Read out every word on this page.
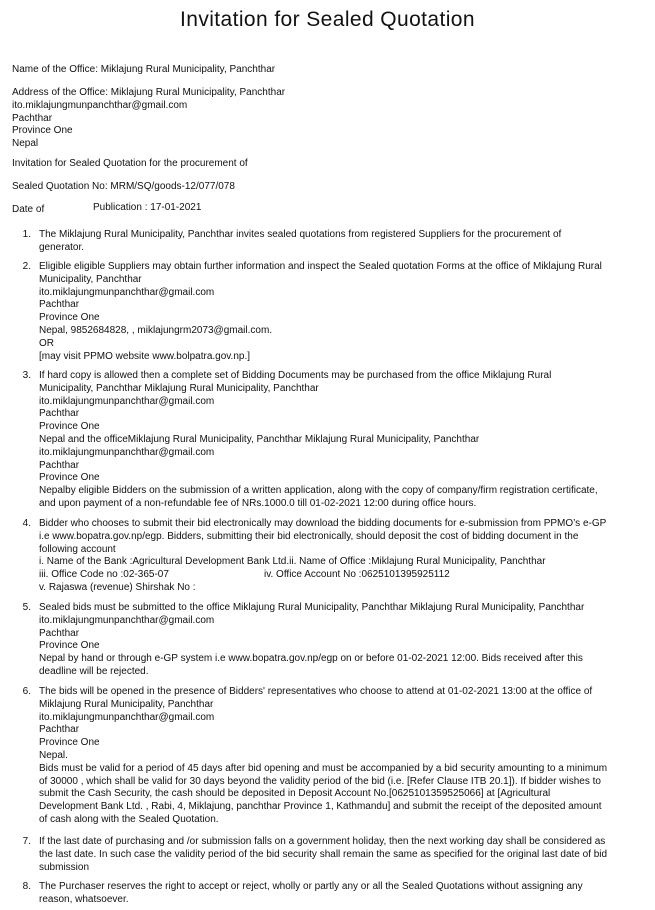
Invitation for Sealed Quotation
Name of the Office: Miklajung Rural Municipality, Panchthar
Address of the Office: Miklajung Rural Municipality, Panchthar
ito.miklajungmunpanchthar@gmail.com
Pachthar
Province One
Nepal
Invitation for Sealed Quotation for the procurement of
Sealed Quotation No: MRM/SQ/goods-12/077/078
Date of	Publication : 17-01-2021
1. The Miklajung Rural Municipality, Panchthar invites sealed quotations from registered Suppliers for the procurement of
generator.
2. Eligible eligible Suppliers may obtain further information and inspect the Sealed quotation Forms at the office of Miklajung Rural
Municipality, Panchthar
ito.miklajungmunpanchthar@gmail.com
Pachthar
Province One
Nepal, 9852684828, , miklajungrm2073@gmail.com.
OR
[may visit PPMO website www.bolpatra.gov.np.]
3. If hard copy is allowed then a complete set of Bidding Documents may be purchased from the office Miklajung Rural
Municipality, Panchthar Miklajung Rural Municipality, Panchthar
ito.miklajungmunpanchthar@gmail.com
Pachthar
Province One
Nepal and the officeMiklajung Rural Municipality, Panchthar Miklajung Rural Municipality, Panchthar
ito.miklajungmunpanchthar@gmail.com
Pachthar
Province One
Nepalby eligible Bidders on the submission of a written application, along with the copy of company/firm registration certificate,
and upon payment of a non-refundable fee of NRs.1000.0 till 01-02-2021 12:00 during office hours.
4. Bidder who chooses to submit their bid electronically may download the bidding documents for e-submission from PPMO’s e-GP
i.e www.bopatra.gov.np/egp. Bidders, submitting their bid electronically, should deposit the cost of bidding document in the
following account
i. Name of the Bank :Agricultural Development Bank Ltd.ii. Name of Office :Miklajung Rural Municipality, Panchthar
iii. Office Code no :02-365-07	iv. Office Account No :0625101395925112
v. Rajaswa (revenue) Shirshak No :
5. Sealed bids must be submitted to the office Miklajung Rural Municipality, Panchthar Miklajung Rural Municipality, Panchthar
ito.miklajungmunpanchthar@gmail.com
Pachthar
Province One
Nepal by hand or through e-GP system i.e www.bopatra.gov.np/egp on or before 01-02-2021 12:00. Bids received after this
deadline will be rejected.
6. The bids will be opened in the presence of Bidders' representatives who choose to attend at 01-02-2021 13:00 at the office of
Miklajung Rural Municipality, Panchthar
ito.miklajungmunpanchthar@gmail.com
Pachthar
Province One
Nepal.
Bids must be valid for a period of 45 days after bid opening and must be accompanied by a bid security amounting to a minimum
of 30000 , which shall be valid for 30 days beyond the validity period of the bid (i.e. [Refer Clause ITB 20.1]). If bidder wishes to
submit the Cash Security, the cash should be deposited in Deposit Account No.[0625101359525066] at [Agricultural
Development Bank Ltd. , Rabi, 4, Miklajung, panchthar Province 1, Kathmandu] and submit the receipt of the deposited amount
of cash along with the Sealed Quotation.
7. If the last date of purchasing and /or submission falls on a government holiday, then the next working day shall be considered as
the last date. In such case the validity period of the bid security shall remain the same as specified for the original last date of bid
submission
8. The Purchaser reserves the right to accept or reject, wholly or partly any or all the Sealed Quotations without assigning any
reason, whatsoever.
